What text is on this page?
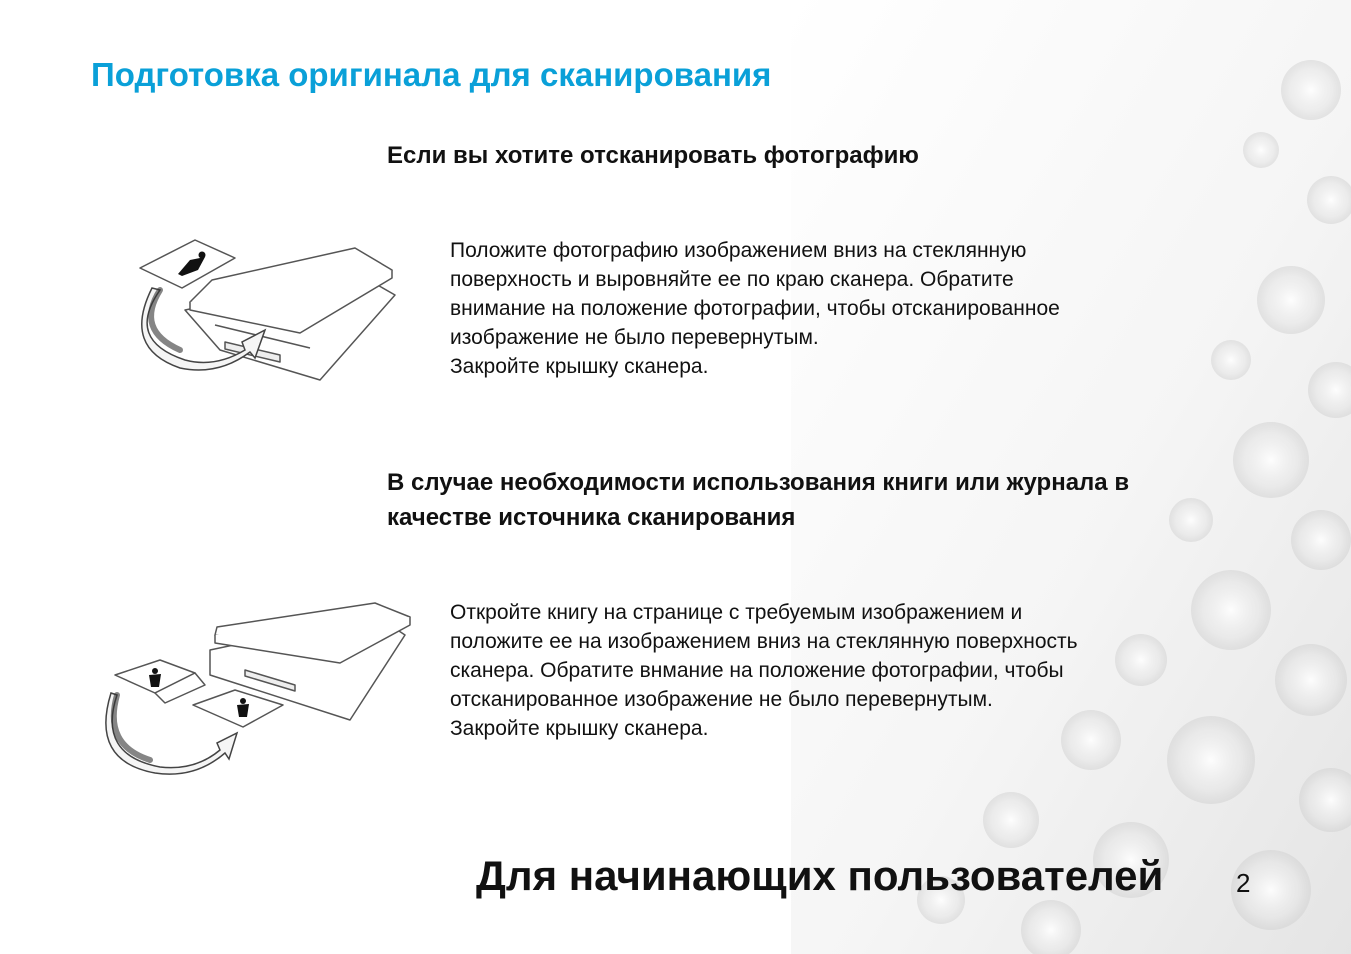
Подготовка оригинала для сканирования
Если вы хотите отсканировать фотографию

Положите фотографию изображением вниз на стеклянную
поверхность и выровняйте ее по краю сканера. Обратите
внимание на положение фотографии, чтобы отсканированное
изображение не было перевернутым.
Закройте крышку сканера.

В случае необходимости использования книги или журнала в качестве источника сканирования

Откройте книгу на странице с требуемым изображением и
положите ее на изображением вниз на стеклянную поверхность
сканера. Обратите внмание на положение фотографии, чтобы
отсканированное изображение не было перевернутым.
Закройте крышку сканера.

Для начинающих пользователей	2
